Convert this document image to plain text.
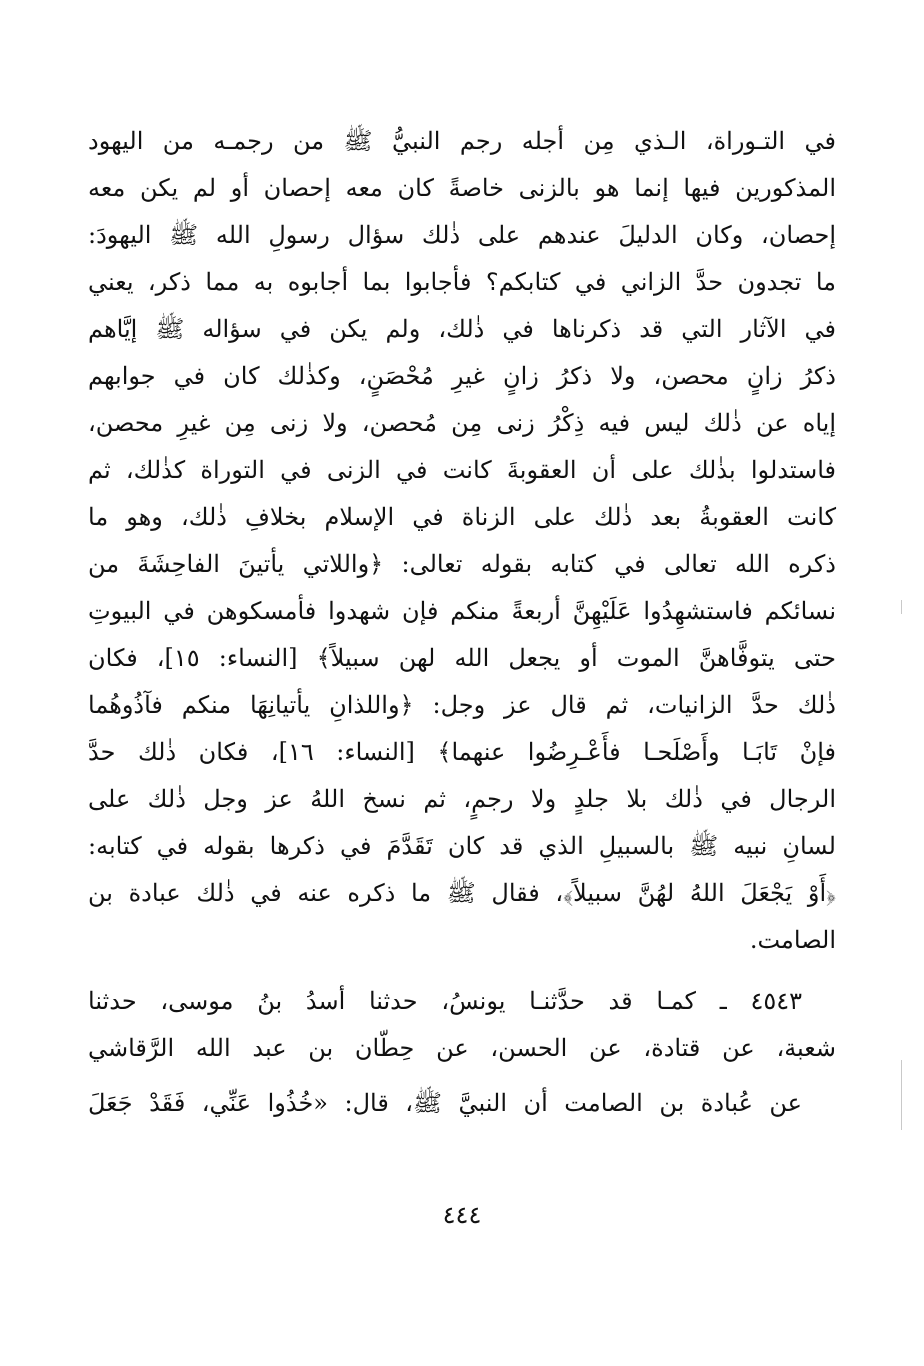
في التـوراة، الـذي مِن أجله رجم النبيُّ ﷺ من رجمـه من اليهود
المذكورين فيها إنما هو بالزنى خاصةً كان معه إحصان أو لم يكن معه
إحصان، وكان الدليلَ عندهم على ذٰلك سؤال رسولِ الله ﷺ اليهودَ:
ما تجدون حدَّ الزاني في كتابكم؟ فأجابوا بما أجابوه به مما ذكر، يعني
في الآثار التي قد ذكرناها في ذٰلك، ولم يكن في سؤاله ﷺ إيَّاهم
ذكرُ زانٍ محصن، ولا ذكرُ زانٍ غيرِ مُحْصَنٍ، وكذٰلك كان في جوابهم
إياه عن ذٰلك ليس فيه ذِكْرُ زنى مِن مُحصن، ولا زنى مِن غيرِ محصن،
فاستدلوا بذٰلك على أن العقوبةَ كانت في الزنى في التوراة كذٰلك، ثم
كانت العقوبةُ بعد ذٰلك على الزناة في الإسلام بخلافِ ذٰلك، وهو ما
ذكره الله تعالى في كتابه بقوله تعالى: ﴿واللاتي يأتينَ الفاحِشَةَ من
نسائكم فاستشهِدُوا عَلَيْهِنَّ أربعةً منكم فإن شهدوا فأمسكوهن في البيوتِ
حتى يتوفَّاهنَّ الموت أو يجعل الله لهن سبيلاً﴾ [النساء: ١٥]، فكان
ذٰلك حدَّ الزانيات، ثم قال عز وجل: ﴿واللذانِ يأتيانِهَا منكم فآذُوهُما
فإنْ تَابَـا وأَصْلَحـا فأَعْـرِضُوا عنهما﴾ [النساء: ١٦]، فكان ذٰلك حدَّ
الرجال في ذٰلك بلا جلدٍ ولا رجمٍ، ثم نسخ اللهُ عز وجل ذٰلك على
لسانِ نبيه ﷺ بالسبيلِ الذي قد كان تَقَدَّمَ في ذكرها بقوله في كتابه:
﴿أَوْ يَجْعَلَ اللهُ لهُنَّ سبيلاً﴾، فقال ﷺ ما ذكره عنه في ذٰلك عبادة بن
الصامت.
٤٥٤٣ ـ كمـا قد حدَّثنـا يونسُ، حدثنا أسدُ بنُ موسى، حدثنا
شعبة، عن قتادة، عن الحسن، عن حِطّان بن عبد الله الرَّقاشي
عن عُبادة بن الصامت أن النبيَّ ﷺ، قال: «خُذُوا عَنِّي، فَقَدْ جَعَلَ
٤٤٤
